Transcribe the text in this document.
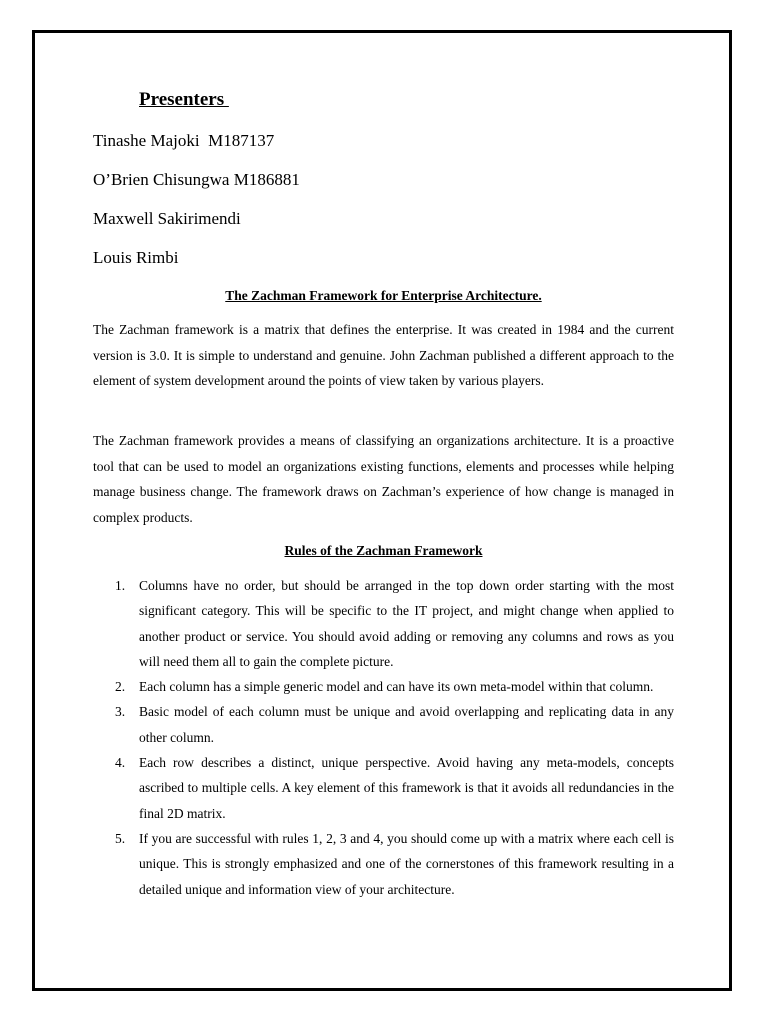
Presenters

Tinashe Majoki  M187137

O’Brien Chisungwa M186881

Maxwell Sakirimendi

Louis Rimbi

The Zachman Framework for Enterprise Architecture.

The Zachman framework is a matrix that defines the enterprise. It was created in 1984 and the current version is 3.0. It is simple to understand and genuine. John Zachman published a different approach to the element of system development around the points of view taken by various players.

The Zachman framework provides a means of classifying an organizations architecture. It is a proactive tool that can be used to model an organizations existing functions, elements and processes while helping manage business change. The framework draws on Zachman’s experience of how change is managed in complex products.

Rules of the Zachman Framework
1. Columns have no order, but should be arranged in the top down order starting with the most significant category. This will be specific to the IT project, and might change when applied to another product or service. You should avoid adding or removing any columns and rows as you will need them all to gain the complete picture.
2. Each column has a simple generic model and can have its own meta-model within that column.
3. Basic model of each column must be unique and avoid overlapping and replicating data in any other column.
4. Each row describes a distinct, unique perspective. Avoid having any meta-models, concepts ascribed to multiple cells. A key element of this framework is that it avoids all redundancies in the final 2D matrix.
5. If you are successful with rules 1, 2, 3 and 4, you should come up with a matrix where each cell is unique. This is strongly emphasized and one of the cornerstones of this framework resulting in a detailed unique and information view of your architecture.
